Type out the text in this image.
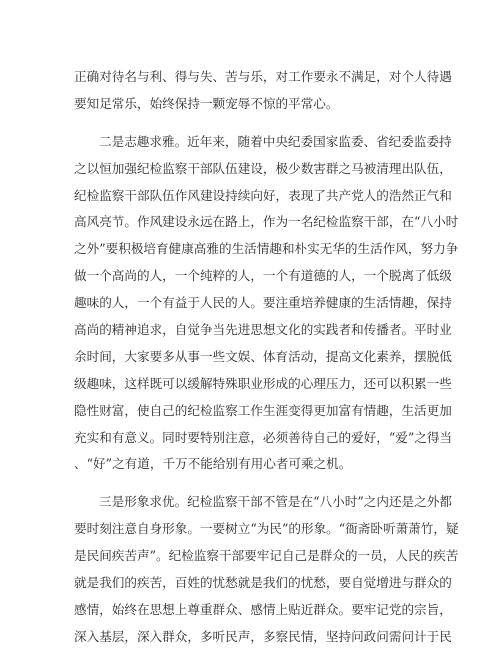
正确对待名与利、得与失、苦与乐，对工作要永不满足，对个人待遇
要知足常乐，始终保持一颗宠辱不惊的平常心。
二是志趣求雅。近年来，随着中央纪委国家监委、省纪委监委持
之以恒加强纪检监察干部队伍建设，极少数害群之马被清理出队伍，
纪检监察干部队伍作风建设持续向好，表现了共产党人的浩然正气和
高风亮节。作风建设永远在路上，作为一名纪检监察干部，在“八小时
之外”要积极培育健康高雅的生活情趣和朴实无华的生活作风，努力争
做一个高尚的人，一个纯粹的人，一个有道德的人，一个脱离了低级
趣味的人，一个有益于人民的人。要注重培养健康的生活情趣，保持
高尚的精神追求，自觉争当先进思想文化的实践者和传播者。平时业
余时间，大家要多从事一些文娱、体育活动，提高文化素养，摆脱低
级趣味，这样既可以缓解特殊职业形成的心理压力，还可以积累一些
隐性财富，使自己的纪检监察工作生涯变得更加富有情趣，生活更加
充实和有意义。同时要特别注意，必须善待自己的爱好，“爱”之得当
、“好”之有道，千万不能给别有用心者可乘之机。
三是形象求优。纪检监察干部不管是在“八小时”之内还是之外都
要时刻注意自身形象。一要树立“为民”的形象。“衙斋卧听萧萧竹，疑
是民间疾苦声”。纪检监察干部要牢记自己是群众的一员，人民的疾苦
就是我们的疾苦，百姓的忧愁就是我们的忧愁，要自觉增进与群众的
感情，始终在思想上尊重群众、感情上贴近群众。要牢记党的宗旨，
深入基层，深入群众，多听民声，多察民情，坚持问政问需问计于民
